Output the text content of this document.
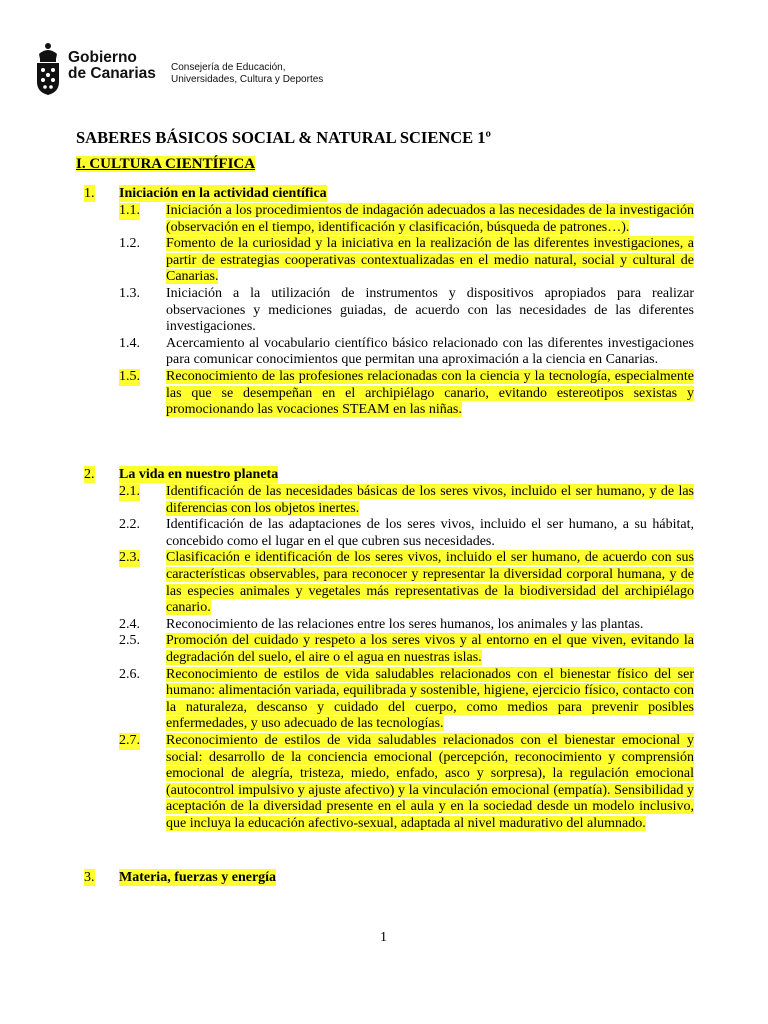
Gobierno
de Canarias Consejería de Educación,
Universidades, Cultura y Deportes
SABERES BÁSICOS SOCIAL & NATURAL SCIENCE 1º
I. CULTURA CIENTÍFICA
1. Iniciación en la actividad científica
1.1. Iniciación a los procedimientos de indagación adecuados a las necesidades de la investigación (observación en el tiempo, identificación y clasificación, búsqueda de patrones…).
1.2. Fomento de la curiosidad y la iniciativa en la realización de las diferentes investigaciones, a partir de estrategias cooperativas contextualizadas en el medio natural, social y cultural de Canarias.
1.3. Iniciación a la utilización de instrumentos y dispositivos apropiados para realizar observaciones y mediciones guiadas, de acuerdo con las necesidades de las diferentes investigaciones.
1.4. Acercamiento al vocabulario científico básico relacionado con las diferentes investigaciones para comunicar conocimientos que permitan una aproximación a la ciencia en Canarias.
1.5. Reconocimiento de las profesiones relacionadas con la ciencia y la tecnología, especialmente las que se desempeñan en el archipiélago canario, evitando estereotipos sexistas y promocionando las vocaciones STEAM en las niñas.
2. La vida en nuestro planeta
2.1. Identificación de las necesidades básicas de los seres vivos, incluido el ser humano, y de las diferencias con los objetos inertes.
2.2. Identificación de las adaptaciones de los seres vivos, incluido el ser humano, a su hábitat, concebido como el lugar en el que cubren sus necesidades.
2.3. Clasificación e identificación de los seres vivos, incluido el ser humano, de acuerdo con sus características observables, para reconocer y representar la diversidad corporal humana, y de las especies animales y vegetales más representativas de la biodiversidad del archipiélago canario.
2.4. Reconocimiento de las relaciones entre los seres humanos, los animales y las plantas.
2.5. Promoción del cuidado y respeto a los seres vivos y al entorno en el que viven, evitando la degradación del suelo, el aire o el agua en nuestras islas.
2.6. Reconocimiento de estilos de vida saludables relacionados con el bienestar físico del ser humano: alimentación variada, equilibrada y sostenible, higiene, ejercicio físico, contacto con la naturaleza, descanso y cuidado del cuerpo, como medios para prevenir posibles enfermedades, y uso adecuado de las tecnologías.
2.7. Reconocimiento de estilos de vida saludables relacionados con el bienestar emocional y social: desarrollo de la conciencia emocional (percepción, reconocimiento y comprensión emocional de alegría, tristeza, miedo, enfado, asco y sorpresa), la regulación emocional (autocontrol impulsivo y ajuste afectivo) y la vinculación emocional (empatía). Sensibilidad y aceptación de la diversidad presente en el aula y en la sociedad desde un modelo inclusivo, que incluya la educación afectivo-sexual, adaptada al nivel madurativo del alumnado.
3. Materia, fuerzas y energía
1
